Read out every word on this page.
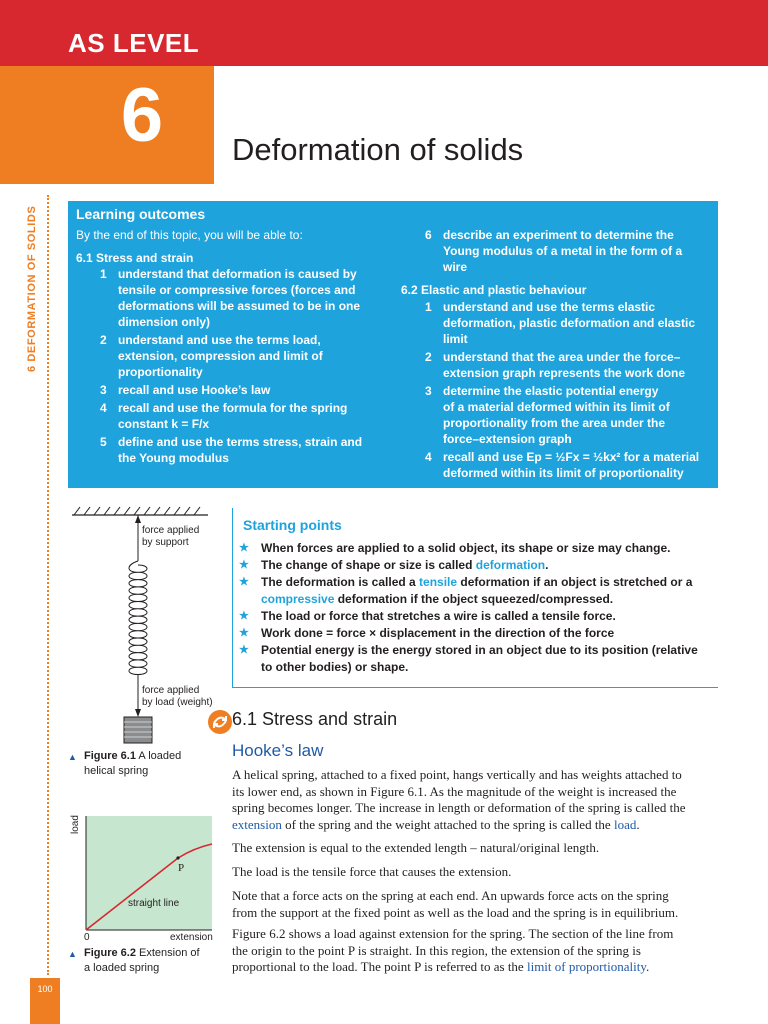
AS LEVEL
6	Deformation of solids
6 DEFORMATION OF SOLIDS	Learning outcomes
By the end of this topic, you will be able to:
6.1 Stress and strain
6.2 Elastic and plastic behaviour
1 understand that deformation is caused by
tensile or compressive forces (forces and
deformations will be assumed to be in one
dimension only)
2 understand and use the terms load,
extension, compression and limit of
proportionality
3 recall and use Hooke’s law
4 recall and use the formula for the spring
constant k = F/x
5 define and use the terms stress, strain and
the Young modulus
6 describe an experiment to determine the
Young modulus of a metal in the form of a
wire
1 understand and use the terms elastic
deformation, plastic deformation and elastic
limit
2 understand that the area under the force–
extension graph represents the work done
3 determine the elastic potential energy
of a material deformed within its limit of
proportionality from the area under the
force–extension graph
4 recall and use Ep = ½Fx = ½kx² for a material
deformed within its limit of proportionality
force applied
by support
force applied
by load (weight)
▲ Figure 6.1 A loaded
helical spring
Starting points
★ When forces are applied to a solid object, its shape or size may change.
★ The change of shape or size is called deformation.
★ The deformation is called a tensile deformation if an object is stretched or a
compressive deformation if the object squeezed/compressed.
★ The load or force that stretches a wire is called a tensile force.
★ Work done = force × displacement in the direction of the force
★ Potential energy is the energy stored in an object due to its position (relative
to other bodies) or shape.
6.1 Stress and strain
Hooke’s law
A helical spring, attached to a fixed point, hangs vertically and has weights attached to
its lower end, as shown in Figure 6.1. As the magnitude of the weight is increased the
spring becomes longer. The increase in length or deformation of the spring is called the
extension of the spring and the weight attached to the spring is called the load.
The extension is equal to the extended length – natural/original length.
The load is the tensile force that causes the extension.
Note that a force acts on the spring at each end. An upwards force acts on the spring
from the support at the fixed point as well as the load and the spring is in equilibrium.
Figure 6.2 shows a load against extension for the spring. The section of the line from
the origin to the point P is straight. In this region, the extension of the spring is
proportional to the load. The point P is referred to as the limit of proportionality.
load
extension
0
P
straight line
▲ Figure 6.2 Extension of
a loaded spring
100
